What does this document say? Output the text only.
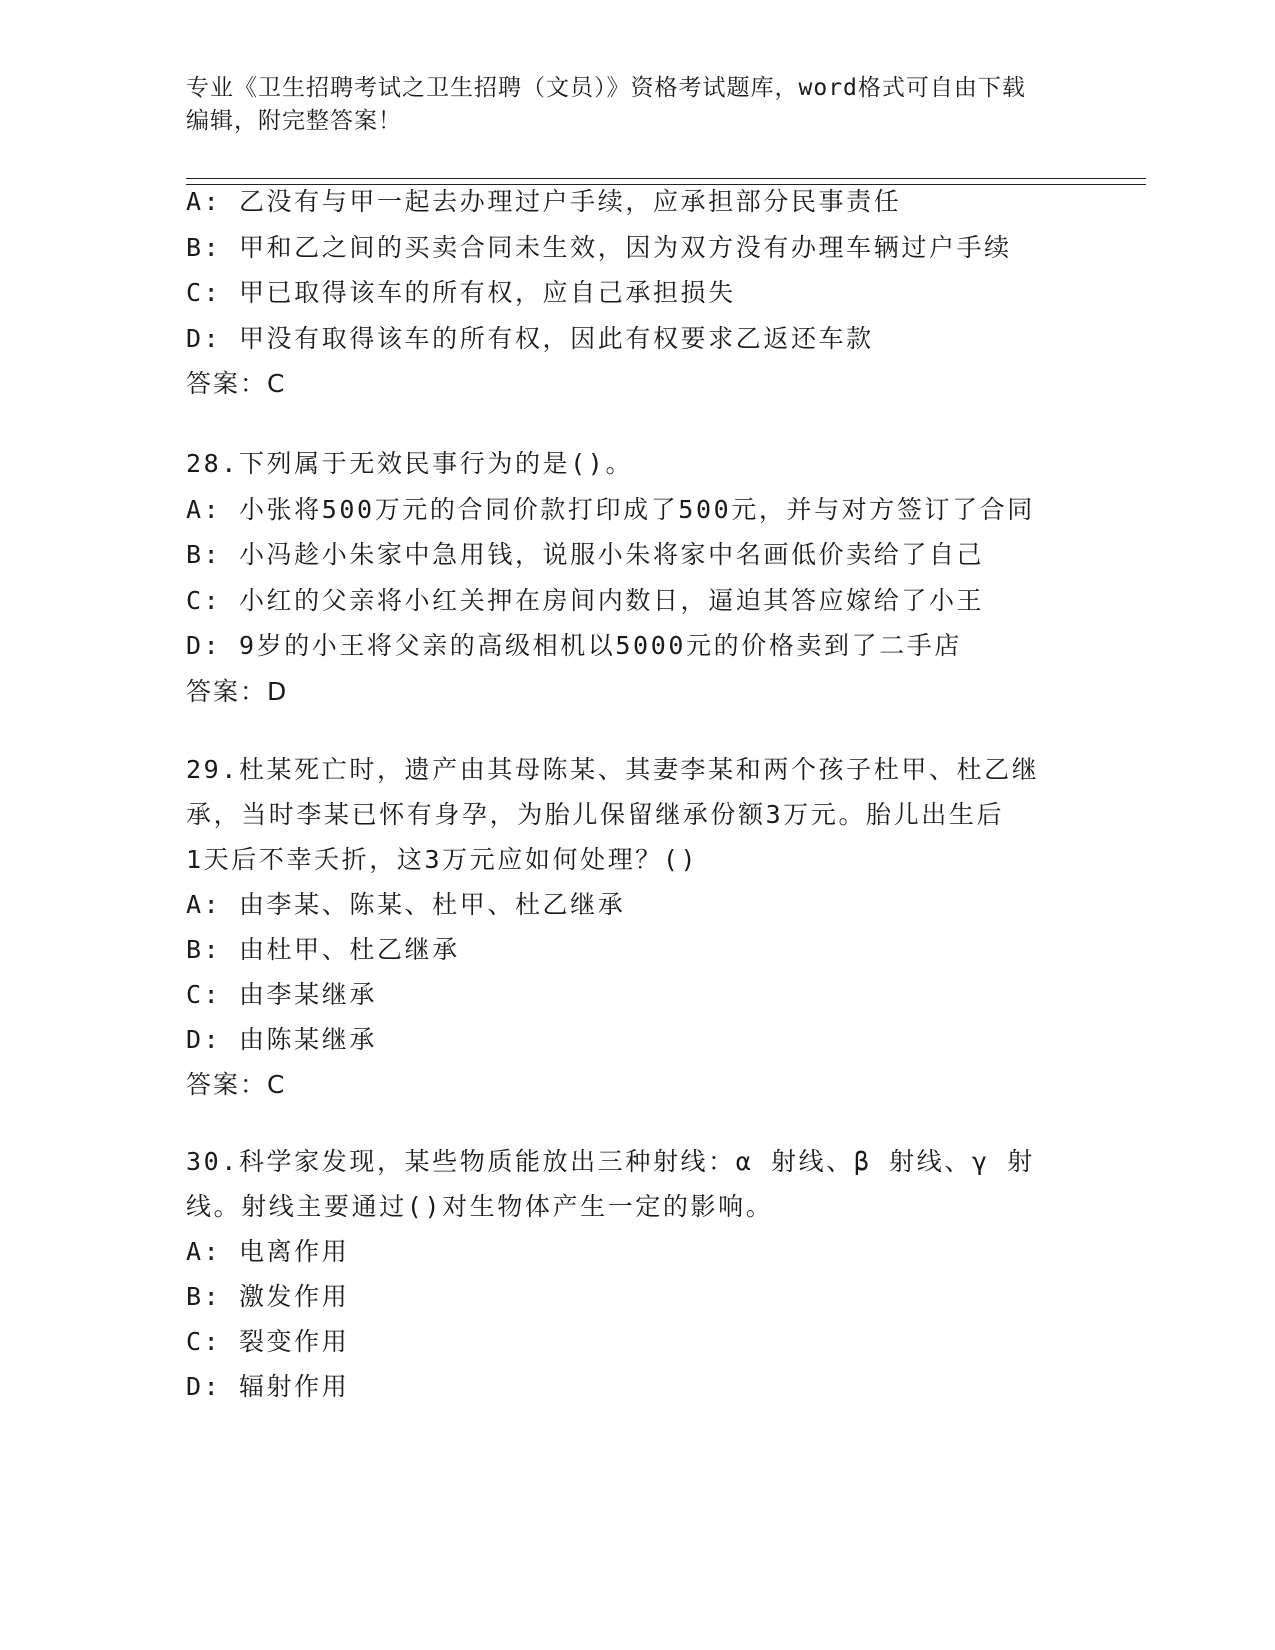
专业《卫生招聘考试之卫生招聘（文员）》资格考试题库，word格式可自由下载
编辑，附完整答案！
A: 乙没有与甲一起去办理过户手续，应承担部分民事责任
B: 甲和乙之间的买卖合同未生效，因为双方没有办理车辆过户手续
C: 甲已取得该车的所有权，应自己承担损失
D: 甲没有取得该车的所有权，因此有权要求乙返还车款
答案：C
28.下列属于无效民事行为的是()。
A: 小张将500万元的合同价款打印成了500元，并与对方签订了合同
B: 小冯趁小朱家中急用钱，说服小朱将家中名画低价卖给了自己
C: 小红的父亲将小红关押在房间内数日，逼迫其答应嫁给了小王
D: 9岁的小王将父亲的高级相机以5000元的价格卖到了二手店
答案：D
29.杜某死亡时，遗产由其母陈某、其妻李某和两个孩子杜甲、杜乙继
承，当时李某已怀有身孕，为胎儿保留继承份额3万元。胎儿出生后
1天后不幸夭折，这3万元应如何处理？()
A: 由李某、陈某、杜甲、杜乙继承
B: 由杜甲、杜乙继承
C: 由李某继承
D: 由陈某继承
答案：C
30.科学家发现，某些物质能放出三种射线：α 射线、β 射线、γ 射
线。射线主要通过()对生物体产生一定的影响。
A: 电离作用
B: 激发作用
C: 裂变作用
D: 辐射作用
